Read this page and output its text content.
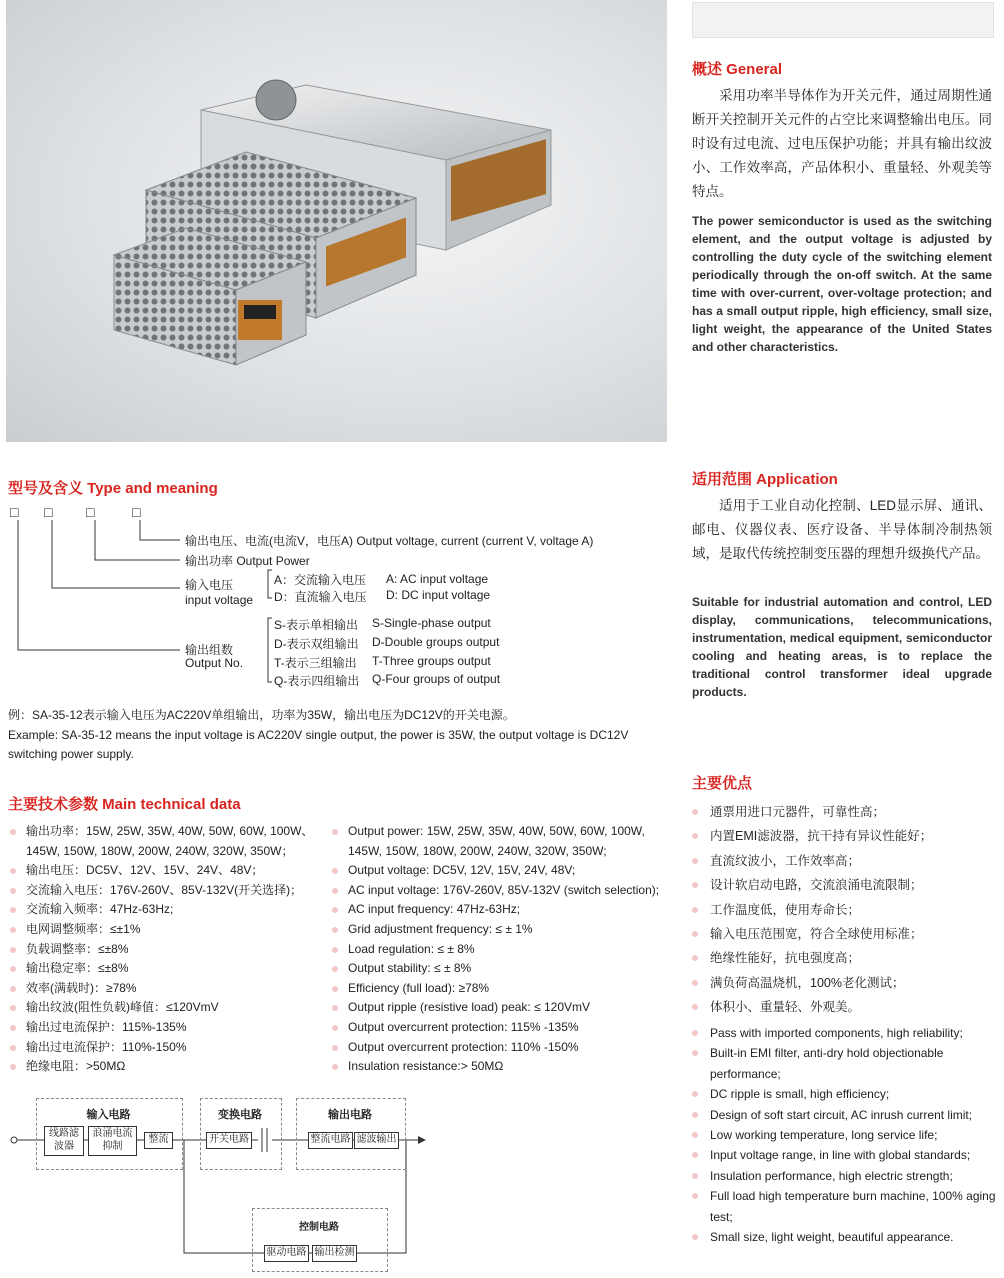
概述 General
采用功率半导体作为开关元件，通过周期性通断开关控制开关元件的占空比来调整输出电压。同时设有过电流、过电压保护功能；并具有输出纹波小、工作效率高，产品体积小、重量轻、外观美等特点。
The power semiconductor is used as the switching element, and the output voltage is adjusted by controlling the duty cycle of the switching element periodically through the on-off switch. At the same time with over-current, over-voltage protection; and has a small output ripple, high efficiency, small size, light weight, the appearance of the United States and other characteristics.
适用范围 Application
适用于工业自动化控制、LED显示屏、通讯、邮电、仪器仪表、医疗设备、半导体制冷制热领域，是取代传统控制变压器的理想升级换代产品。
Suitable for industrial automation and control, LED display, communications, telecommunications, instrumentation, medical equipment, semiconductor cooling and heating areas, is to replace the traditional control transformer ideal upgrade products.
型号及含义 Type and meaning
□ □ □	□
输出电压、电流(电流V，电压A) Output voltage, current (current V, voltage A)
输出功率 Output Power
输入电压
input voltage
A：交流输入电压 A: AC input voltage
D：直流输入电压 D: DC input voltage
输出组数
Output No.
S-表示单相输出 S-Single-phase output
D-表示双组输出 D-Double groups output
T-表示三组输出 T-Three groups output
Q-表示四组输出 Q-Four groups of output
例：SA-35-12表示输入电压为AC220V单组输出，功率为35W，输出电压为DC12V的开关电源。
Example: SA-35-12 means the input voltage is AC220V single output, the power is 35W, the output voltage is DC12V switching power supply.
主要技术参数 Main technical data
输出功率：15W, 25W, 35W, 40W, 50W, 60W, 100W、145W, 150W, 180W, 200W, 240W, 320W, 350W；
输出电压：DC5V、12V、15V、24V、48V；
交流输入电压：176V-260V、85V-132V(开关选择)；
交流输入频率：47Hz-63Hz;
电网调整频率：≤±1%
负载调整率：≤±8%
输出稳定率：≤±8%
效率(满载时)：≥78%
输出纹波(阻性负载)峰值：≤120VmV
输出过电流保护：115%-135%
输出过电流保护：110%-150%
绝缘电阻：>50MΩ
Output power: 15W, 25W, 35W, 40W, 50W, 60W, 100W, 145W, 150W, 180W, 200W, 240W, 320W, 350W;
Output voltage: DC5V, 12V, 15V, 24V, 48V;
AC input voltage: 176V-260V, 85V-132V (switch selection);
AC input frequency: 47Hz-63Hz;
Grid adjustment frequency: ≤ ± 1%
Load regulation: ≤ ± 8%
Output stability: ≤ ± 8%
Efficiency (full load): ≥78%
Output ripple (resistive load) peak: ≤ 120VmV
Output overcurrent protection: 115% -135%
Output overcurrent protection: 110% -150%
Insulation resistance:> 50MΩ
输入电路	变换电路	输出电路
控制电路
线路滤波器
浪涌电流抑制
整流	开关电路	整流电路 滤波输出
驱动电路 输出检测
主要优点
通票用进口元器件，可靠性高；
内置EMI滤波器，抗干持有异议性能好；
直流纹波小，工作效率高；
设计软启动电路，交流浪涌电流限制；
工作温度低，使用寿命长；
输入电压范围宽，符合全球使用标准；
绝缘性能好，抗电强度高；
满负荷高温烧机，100%老化测试；
体积小、重量轻、外观美。
Pass with imported components, high reliability;
Built-in EMI filter, anti-dry hold objectionable performance;
DC ripple is small, high efficiency;
Design of soft start circuit, AC inrush current limit;
Low working temperature, long service life;
Input voltage range, in line with global standards;
Insulation performance, high electric strength;
Full load high temperature burn machine, 100% aging test;
Small size, light weight, beautiful appearance.
